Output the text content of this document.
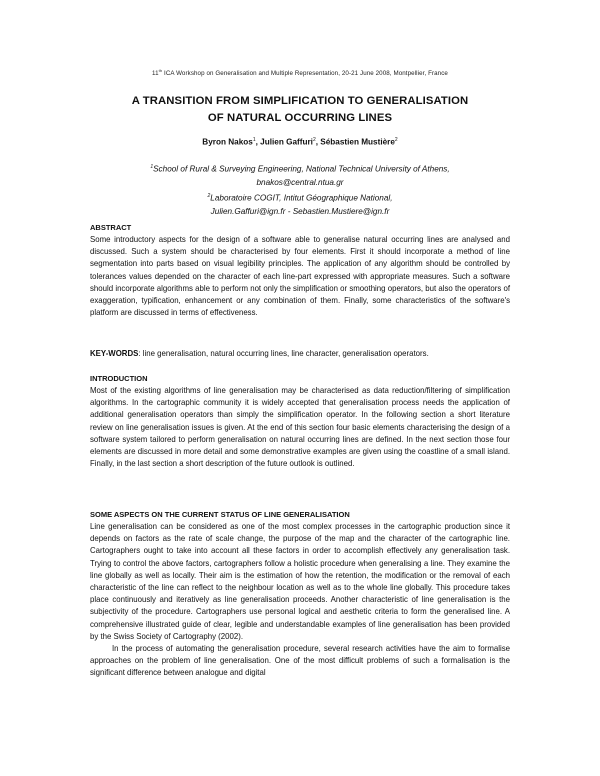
11th ICA Workshop on Generalisation and Multiple Representation, 20-21 June 2008, Montpellier, France
A TRANSITION FROM SIMPLIFICATION TO GENERALISATION
OF NATURAL OCCURRING LINES
Byron Nakos$^1$, Julien Gaffuri$^2$, Sébastien Mustière$^2$
$^1$School of Rural & Surveying Engineering, National Technical University of Athens,
bnakos@central.ntua.gr
$^2$Laboratoire COGIT, Intitut Géographique National,
Julien.Gaffuri@ign.fr - Sebastien.Mustiere@ign.fr
ABSTRACT

Some introductory aspects for the design of a software able to generalise natural occurring lines are analysed and discussed. Such a system should be characterised by four elements. First it should incorporate a method of line segmentation into parts based on visual legibility principles. The application of any algorithm should be controlled by tolerances values depended on the character of each line-part expressed with appropriate measures. Such a software should incorporate algorithms able to perform not only the simplification or smoothing operators, but also the operators of exaggeration, typification, enhancement or any combination of them. Finally, some characteristics of the software's platform are discussed in terms of effectiveness.

KEY-WORDS: line generalisation, natural occurring lines, line character, generalisation operators.

INTRODUCTION

Most of the existing algorithms of line generalisation may be characterised as data reduction/filtering of simplification algorithms. In the cartographic community it is widely accepted that generalisation process needs the application of additional generalisation operators than simply the simplification operator. In the following section a short literature review on line generalisation issues is given. At the end of this section four basic elements characterising the design of a software system tailored to perform generalisation on natural occurring lines are defined. In the next section those four elements are discussed in more detail and some demonstrative examples are given using the coastline of a small island. Finally, in the last section a short description of the future outlook is outlined.

SOME ASPECTS ON THE CURRENT STATUS OF LINE GENERALISATION

Line generalisation can be considered as one of the most complex processes in the cartographic production since it depends on factors as the rate of scale change, the purpose of the map and the character of the cartographic line. Cartographers ought to take into account all these factors in order to accomplish effectively any generalisation task. Trying to control the above factors, cartographers follow a holistic procedure when generalising a line. They examine the line globally as well as locally. Their aim is the estimation of how the retention, the modification or the removal of each characteristic of the line can reflect to the neighbour location as well as to the whole line globally. This procedure takes place continuously and iteratively as line generalisation proceeds. Another characteristic of line generalisation is the subjectivity of the procedure. Cartographers use personal logical and aesthetic criteria to form the generalised line. A comprehensive illustrated guide of clear, legible and understandable examples of line generalisation has been provided by the Swiss Society of Cartography (2002).

In the process of automating the generalisation procedure, several research activities have the aim to formalise approaches on the problem of line generalisation. One of the most difficult problems of such a formalisation is the significant difference between analogue and digital
